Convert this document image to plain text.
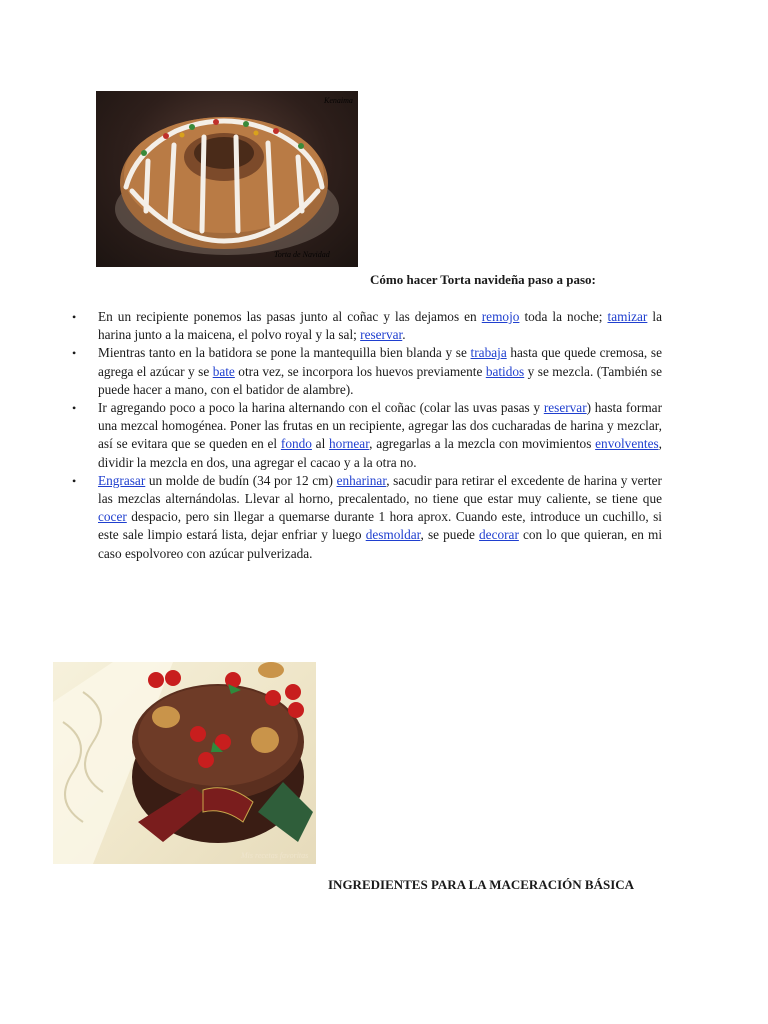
Kenaima
Torta de Navidad
Cómo hacer Torta navideña paso a paso:
• En un recipiente ponemos las pasas junto al coñac y las dejamos en remojo toda la noche; tamizar la harina junto a la maicena, el polvo royal y la sal; reservar.
• Mientras tanto en la batidora se pone la mantequilla bien blanda y se trabaja hasta que quede cremosa, se agrega el azúcar y se bate otra vez, se incorpora los huevos previamente batidos y se mezcla. (También se puede hacer a mano, con el batidor de alambre).
• Ir agregando poco a poco la harina alternando con el coñac (colar las uvas pasas y reservar) hasta formar una mezcal homogénea. Poner las frutas en un recipiente, agregar las dos cucharadas de harina y mezclar, así se evitara que se queden en el fondo al hornear, agregarlas a la mezcla con movimientos envolventes, dividir la mezcla en dos, una agregar el cacao y a la otra no.
• Engrasar un molde de budín (34 por 12 cm) enharinar, sacudir para retirar el excedente de harina y verter las mezclas alternándolas. Llevar al horno, precalentado, no tiene que estar muy caliente, se tiene que cocer despacio, pero sin llegar a quemarse durante 1 hora aprox. Cuando este, introduce un cuchillo, si este sale limpio estará lista, dejar enfriar y luego desmoldar, se puede decorar con lo que quieran, en mi caso espolvoreo con azúcar pulverizada.
Mis recetas favoritas
INGREDIENTES PARA LA MACERACIÓN BÁSICA
